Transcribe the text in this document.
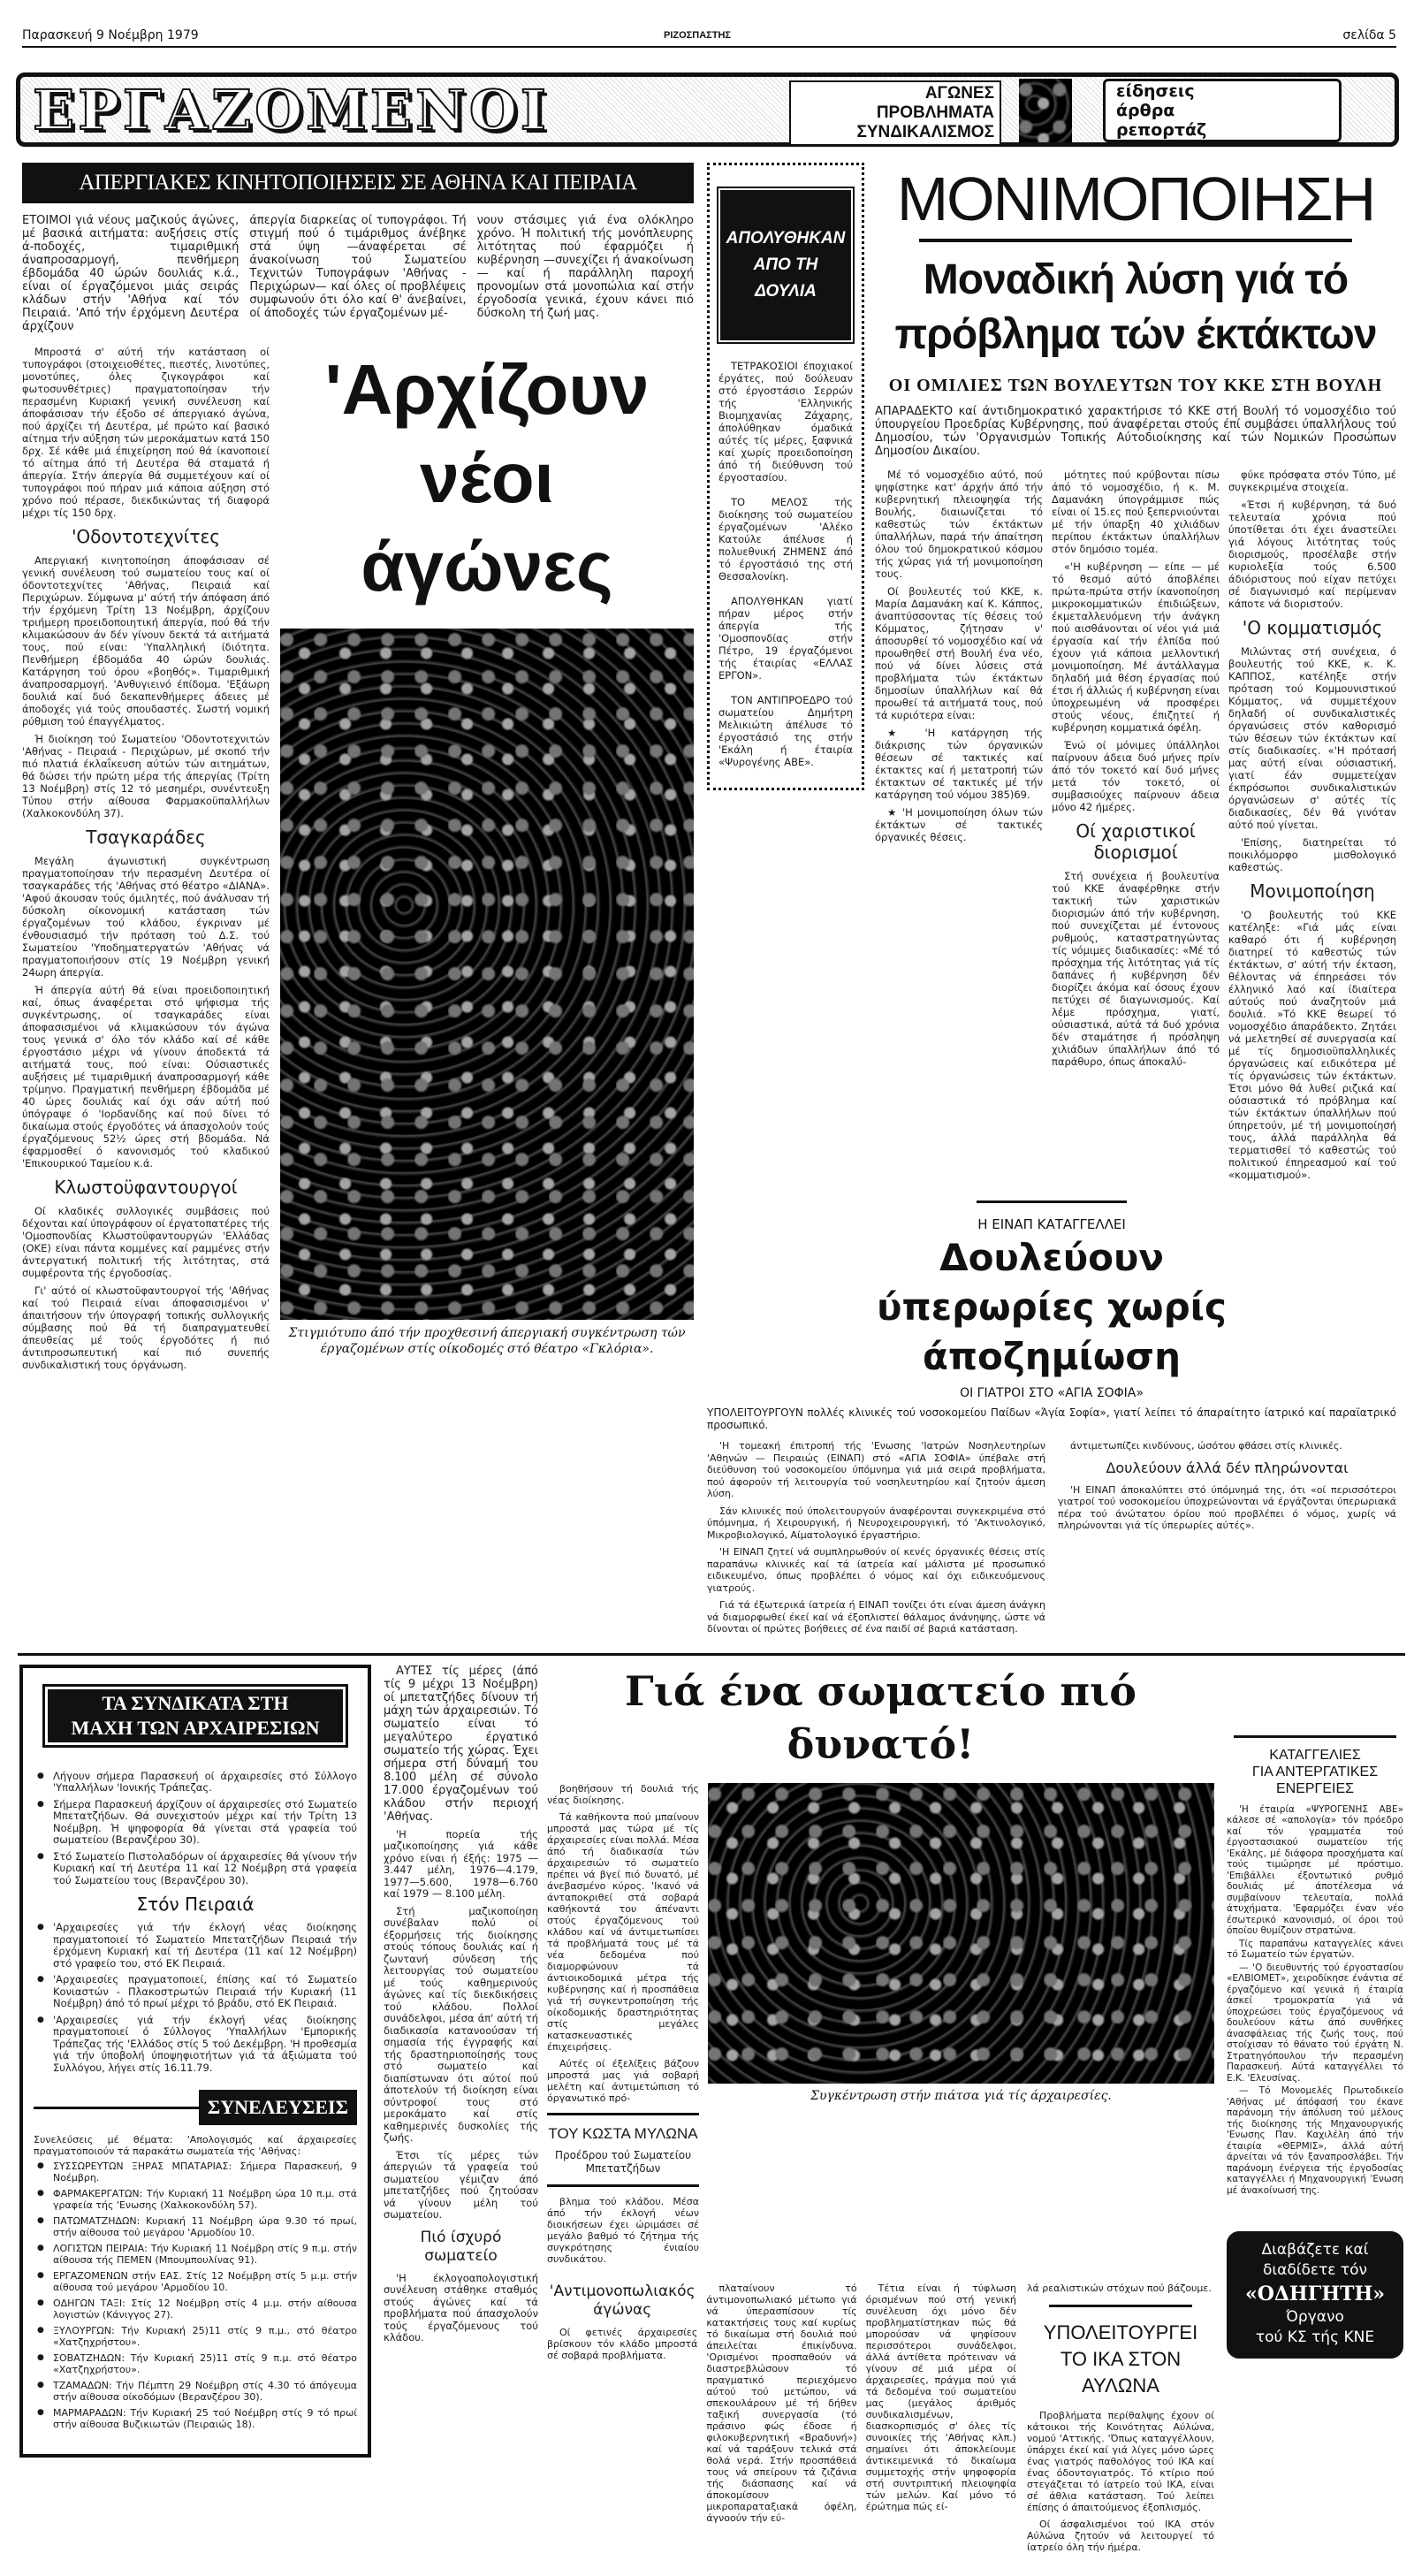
Παρασκευή 9 Νοέμβρη 1979	ΡΙΖΟΣΠΑΣΤΗΣ	σελίδα 5
ΕΡΓΑΖΟΜΕΝΟΙ	ΑΓΩΝΕΣ
ΠΡΟΒΛΗΜΑΤΑ
ΣΥΝΔΙΚΑΛΙΣΜΟΣ
είδησεις
άρθρα
ρεπορτάζ
ΑΠΕΡΓΙΑΚΕΣ ΚΙΝΗΤΟΠΟΙΗΣΕΙΣ ΣΕ ΑΘΗΝΑ ΚΑΙ ΠΕΙΡΑΙΑ
ΕΤΟΙΜΟΙ γιά νέους μαζικούς άγώνες, μέ βασικά αιτήματα: αυξήσεις στίς ά-ποδοχές, τιμαριθμική άναπροσαρμογή, πενθήμερη έβδομάδα 40 ώρών δουλιάς κ.ά., είναι οί έργαζόμενοι μιάς σειράς κλάδων στήν 'Αθήνα καί τόν Πειραιά. 'Από τήν έρχόμενη Δευτέρα άρχίζουν
άπεργία διαρκείας οί τυπογράφοι. Τή στιγμή πού ό τιμάριθμος άνέβηκε στά ύψη —άναφέρεται σέ άνακοίνωση τού Σωματείου Τεχνιτών Τυπογράφων 'Αθήνας - Περιχώρων— καί όλες οί προβλέψεις συμφωνούν ότι όλο καί θ' άνεβαίνει, οί άποδοχές τών έργαζομένων μέ-
νουν στάσιμες γιά ένα ολόκληρο χρόνο. Ή πολιτική τής μονόπλευρης λιτότητας πού έφαρμόζει ή κυβέρνηση —συνεχίζει ή άνακοίνωση— καί ή παράλληλη παροχή προνομίων στά μονοπώλια καί στήν έργοδοσία γενικά, έχουν κάνει πιό δύσκολη τή ζωή μας.

Μπροστά σ' αύτή τήν κατάσταση οί τυπογράφοι (στοιχειοθέτες, πιεστές, λινοτύπες, μονοτύπες, όλες ζιγκογράφοι καί φωτοσυνθέτριες) πραγματοποίησαν τήν περασμένη Κυριακή γενική συνέλευση καί άποφάσισαν τήν έξοδο σέ άπεργιακό άγώνα, πού άρχίζει τή Δευτέρα, μέ πρώτο καί βασικό αίτημα τήν αύξηση τών μεροκάματων κατά 150 δρχ. Σέ κάθε μιά έπιχείρηση πού θά ίκανοποιεί τό αίτημα άπό τή Δευτέρα θά σταματά ή άπεργία. Στήν άπεργία θά συμμετέχουν καί οί τυπογράφοι πού πήραν μιά κάποια αύξηση στό χρόνο πού πέρασε, διεκδικώντας τή διαφορά μέχρι τίς 150 δρχ.

'Οδοντοτεχνίτες

Απεργιακή κινητοποίηση άποφάσισαν σέ γενική συνέλευση τού σωματείου τους καί οί όδοντοτεχνίτες 'Αθήνας, Πειραιά καί Περιχώρων. Σύμφωνα μ' αύτή τήν άπόφαση άπό τήν έρχόμενη Τρίτη 13 Νοέμβρη, άρχίζουν τριήμερη προειδοποιητική άπεργία, πού θά τήν κλιμακώσουν άν δέν γίνουν δεκτά τά αιτήματά τους, πού είναι: 'Υπαλληλική ίδιότητα. Πενθήμερη έβδομάδα 40 ώρών δουλιάς. Κατάργηση τού όρου «βοηθός». Τιμαριθμική άναπροσαρμογή. 'Ανθυγιεινό έπίδομα. 'Εξάωρη δουλιά καί δυό δεκαπενθήμερες άδειες μέ άποδοχές γιά τούς σπουδαστές. Σωστή νομική ρύθμιση τού έπαγγέλματος.

Ή διοίκηση τού Σωματείου 'Οδοντοτεχνιτών 'Αθήνας - Πειραιά - Περιχώρων, μέ σκοπό τήν πιό πλατιά έκλαΐκευση αύτών τών αιτημάτων, θά δώσει τήν πρώτη μέρα τής άπεργίας (Τρίτη 13 Νοέμβρη) στίς 12 τό μεσημέρι, συνέντευξη Τύπου στήν αίθουσα Φαρμακοϋπαλλήλων (Χαλκοκονδύλη 37).

Τσαγκαράδες

Μεγάλη άγωνιστική συγκέντρωση πραγματοποίησαν τήν περασμένη Δευτέρα οί τσαγκαράδες τής 'Αθήνας στό θέατρο «ΔΙΑΝΑ». 'Αφού άκουσαν τούς όμιλητές, πού άνάλυσαν τή δύσκολη οίκονομική κατάσταση τών έργαζομένων τού κλάδου, έγκριναν μέ ένθουσιασμό τήν πρόταση τού Δ.Σ. τού Σωματείου 'Υποδηματεργατών 'Αθήνας νά πραγματοποιήσουν στίς 19 Νοέμβρη γενική 24ωρη άπεργία.

Ή άπεργία αύτή θά είναι προειδοποιητική καί, όπως άναφέρεται στό ψήφισμα τής συγκέντρωσης, οί τσαγκαράδες είναι άποφασισμένοι νά κλιμακώσουν τόν άγώνα τους γενικά σ' όλο τόν κλάδο καί σέ κάθε έργοστάσιο μέχρι νά γίνουν άποδεκτά τά αιτήματά τους, πού είναι: Ούσιαστικές αυξήσεις μέ τιμαριθμική άναπροσαρμογή κάθε τρίμηνο. Πραγματική πενθήμερη έβδομάδα μέ 40 ώρες δουλιάς καί όχι σάν αύτή πού ύπόγραψε ό 'Ιορδανίδης καί πού δίνει τό δικαίωμα στούς έργοδότες νά άπασχολούν τούς έργαζόμενους 52½ ώρες στή βδομάδα. Νά έφαρμοσθεί ό κανονισμός τού κλαδικού 'Επικουρικού Ταμείου κ.ά.

Κλωστοϋφαντουργοί

Οί κλαδικές συλλογικές συμβάσεις πού δέχονται καί ύπογράφουν οί έργατοπατέρες τής 'Ομοσπονδίας Κλωστοϋφαντουργών 'Ελλάδας (ΟΚΕ) είναι πάντα κομμένες καί ραμμένες στήν άντεργατική πολιτική τής λιτότητας, στά συμφέροντα τής έργοδοσίας.

Γι' αύτό οί κλωστοϋφαντουργοί τής 'Αθήνας καί τού Πειραιά είναι άποφασισμένοι ν' άπαιτήσουν τήν ύπογραφή τοπικής συλλογικής σύμβασης πού θά τή διαπραγματευθεί άπευθείας μέ τούς έργοδότες ή πιό άντιπροσωπευτική καί πιό συνεπής συνδικαλιστική τους όργάνωση.

'Αρχίζουν
νέοι
άγώνες
Στιγμιότυπο άπό τήν προχθεσινή άπεργιακή συγκέντρωση τών έργαζομένων στίς οίκοδομές στό θέατρο «Γκλόρια».
ΑΠΟΛΥΘΗΚΑΝ
ΑΠΟ ΤΗ
ΔΟΥΛΙΑ

ΤΕΤΡΑΚΟΣΙΟΙ έποχιακοί έργάτες, πού δούλευαν στό έργοστάσιο Σερρών τής 'Ελληνικής Βιομηχανίας Ζάχαρης, άπολύθηκαν όμαδικά αύτές τίς μέρες, ξαφνικά καί χωρίς προειδοποίηση άπό τή διεύθυνση τού έργοστασίου.

ΤΟ ΜΕΛΟΣ τής διοίκησης τού σωματείου έργαζομένων 'Αλέκο Κατούλε άπέλυσε ή πολυεθνική ΖΗΜΕΝΣ άπό τό έργοστάσιό της στή Θεσσαλονίκη.

ΑΠΟΛΥΘΗΚΑΝ γιατί πήραν μέρος στήν άπεργία τής 'Ομοσπονδίας στήν Πέτρο, 19 έργαζόμενοι τής έταιρίας «ΕΛΛΑΣ ΕΡΓΟΝ».

ΤΟΝ ΑΝΤΙΠΡΟΕΔΡΟ τού σωματείου Δημήτρη Μελικιώτη άπέλυσε τό έργοστάσιό της στήν 'Εκάλη ή έταιρία «Ψυρογένης ΑΒΕ».

ΜΟΝΙΜΟΠΟΙΗΣΗ
Μοναδική λύση γιά τό
πρόβλημα τών έκτάκτων
ΟΙ ΟΜΙΛΙΕΣ ΤΩΝ ΒΟΥΛΕΥΤΩΝ ΤΟΥ ΚΚΕ ΣΤΗ ΒΟΥΛΗ
ΑΠΑΡΑΔΕΚΤΟ καί άντιδημοκρατικό χαρακτήρισε τό ΚΚΕ στή Βουλή τό νομοσχέδιο τού ύπουργείου Προεδρίας Κυβέρνησης, πού άναφέρεται στούς έπί συμβάσει ύπαλλήλους τού Δημοσίου, τών 'Οργανισμών Τοπικής Αύτοδιοίκησης καί τών Νομικών Προσώπων Δημοσίου Δικαίου.

Μέ τό νομοσχέδιο αύτό, πού ψηφίστηκε κατ' άρχήν άπό τήν κυβερνητική πλειοψηφία τής Βουλής, διαιωνίζεται τό καθεστώς τών έκτάκτων ύπαλλήλων, παρά τήν άπαίτηση όλου τού δημοκρατικού κόσμου τής χώρας γιά τή μονιμοποίηση τους.

Οί βουλευτές τού ΚΚΕ, κ. Μαρία Δαμανάκη καί Κ. Κάππος, άναπτύσσοντας τίς θέσεις τού Κόμματος, ζήτησαν ν' άποσυρθεί τό νομοσχέδιο καί νά προωθηθεί στή Βουλή ένα νέο, πού νά δίνει λύσεις στά προβλήματα τών έκτάκτων δημοσίων ύπαλλήλων καί θά προωθεί τά αιτήματά τους, πού τά κυριότερα είναι:

★ 'Η κατάργηση τής διάκρισης τών όργανικών θέσεων σέ τακτικές καί έκτακτες καί ή μετατροπή τών έκτακτων σέ τακτικές μέ τήν κατάργηση τού νόμου 385)69.

★ 'Η μονιμοποίηση όλων τών έκτάκτων σέ τακτικές όργανικές θέσεις.

μότητες πού κρύβονται πίσω άπό τό νομοσχέδιο, ή κ. Μ. Δαμανάκη ύπογράμμισε πώς είναι οί 15.ες πού ξεπερνιούνται μέ τήν ύπαρξη 40 χιλιάδων περίπου έκτάκτων ύπαλλήλων στόν δημόσιο τομέα.

«'Η κυβέρνηση — είπε — μέ τό θεσμό αύτό άποβλέπει πρώτα-πρώτα στήν ίκανοποίηση μικροκομματικών έπιδιώξεων, έκμεταλλευόμενη τήν άνάγκη πού αισθάνονται οί νέοι γιά μιά έργασία καί τήν έλπίδα πού έχουν γιά κάποια μελλοντική μονιμοποίηση. Μέ άντάλλαγμα δηλαδή μιά θέση έργασίας πού έτσι ή άλλιώς ή κυβέρνηση είναι ύποχρεωμένη νά προσφέρει στούς νέους, έπιζητεί ή κυβέρνηση κομματικά όφέλη.

Ένώ οί μόνιμες ύπάλληλοι παίρνουν άδεια δυό μήνες πρίν άπό τόν τοκετό καί δυό μήνες μετά τόν τοκετό, οί συμβασιούχες παίρνουν άδεια μόνο 42 ήμέρες.

Οί χαριστικοί διορισμοί

Στή συνέχεια ή βουλευτίνα τού ΚΚΕ άναφέρθηκε στήν τακτική τών χαριστικών διορισμών άπό τήν κυβέρνηση, πού συνεχίζεται μέ έντονους ρυθμούς, καταστρατηγώντας τίς νόμιμες διαδικασίες: «Μέ τό πρόσχημα τής λιτότητας γιά τίς δαπάνες ή κυβέρνηση δέν διορίζει άκόμα καί όσους έχουν πετύχει σέ διαγωνισμούς. Καί λέμε πρόσχημα, γιατί, ούσιαστικά, αύτά τά δυό χρόνια δέν σταμάτησε ή πρόσληψη χιλιάδων ύπαλλήλων άπό τό παράθυρο, όπως άποκαλύ-

φύκε πρόσφατα στόν Τύπο, μέ συγκεκριμένα στοιχεία.

«Έτσι ή κυβέρνηση, τά δυό τελευταία χρόνια πού ύποτίθεται ότι έχει άναστείλει γιά λόγους λιτότητας τούς διορισμούς, προσέλαβε στήν κυριολεξία τούς 6.500 άδιόριστους πού είχαν πετύχει σέ διαγωνισμό καί περίμεναν κάποτε νά διοριστούν.

'Ο κομματισμός

Μιλώντας στή συνέχεια, ό βουλευτής τού ΚΚΕ, κ. Κ. ΚΑΠΠΟΣ, κατέληξε στήν πρόταση τού Κομμουνιστικού Κόμματος, νά συμμετέχουν δηλαδή οί συνδικαλιστικές όργανώσεις στόν καθορισμό τών θέσεων τών έκτάκτων καί στίς διαδικασίες. «'Η πρότασή μας αύτή είναι ούσιαστική, γιατί έάν συμμετείχαν έκπρόσωποι συνδικαλιστικών όργανώσεων σ' αύτές τίς διαδικασίες, δέν θά γινόταν αύτό πού γίνεται.

'Επίσης, διατηρείται τό ποικιλόμορφο μισθολογικό καθεστώς.

Μονιμοποίηση

'Ο βουλευτής τού ΚΚΕ κατέληξε: «Γιά μάς είναι καθαρό ότι ή κυβέρνηση διατηρεί τό καθεστώς τών έκτάκτων, σ' αύτή τήν έκταση, θέλοντας νά έπηρεάσει τόν έλληνικό λαό καί ίδιαίτερα αύτούς πού άναζητούν μιά δουλιά. »Τό ΚΚΕ θεωρεί τό νομοσχέδιο άπαράδεκτο. Ζητάει νά μελετηθεί σέ συνεργασία καί μέ τίς δημοσιοϋπαλληλικές όργανώσεις καί ειδικότερα μέ τίς όργανώσεις τών έκτάκτων. Έτσι μόνο θά λυθεί ριζικά καί ούσιαστικά τό πρόβλημα καί τών έκτάκτων ύπαλλήλων πού ύπηρετούν, μέ τή μονιμοποίησή τους, άλλά παράλληλα θά τερματισθεί τό καθεστώς τού πολιτικού έπηρεασμού καί τού «κομματισμού».

Η ΕΙΝΑΠ ΚΑΤΑΓΓΕΛΛΕΙ
Δουλεύουν
ύπερωρίες χωρίς
άποζημίωση
ΟΙ ΓΙΑΤΡΟΙ ΣΤΟ «ΑΓΙΑ ΣΟΦΙΑ»
ΥΠΟΛΕΙΤΟΥΡΓΟΥΝ πολλές κλινικές τού νοσοκομείου Παίδων «Άγία Σοφία», γιατί λείπει τό άπαραίτητο ίατρικό καί παραϊατρικό προσωπικό.

'Η τομεακή έπιτροπή τής 'Ενωσης 'Ιατρών Νοσηλευτηρίων 'Αθηνών — Πειραιώς (ΕΙΝΑΠ) στό «ΑΓΙΑ ΣΟΦΙΑ» ύπέβαλε στή διεύθυνση τού νοσοκομείου ύπόμνημα γιά μιά σειρά προβλήματα, πού άφορούν τή λειτουργία τού νοσηλευτηρίου καί ζητούν άμεση λύση.

Σάν κλινικές πού ύπολειτουργούν άναφέρονται συγκεκριμένα στό ύπόμνημα, ή Χειρουργική, ή Νευροχειρουργική, τό 'Ακτινολογικό, Μικροβιολογικό, Αίματολογικό έργαστήριο.

'Η ΕΙΝΑΠ ζητεί νά συμπληρωθούν οί κενές όργανικές θέσεις στίς παραπάνω κλινικές καί τά ίατρεία καί μάλιστα μέ προσωπικό ειδικευμένο, όπως προβλέπει ό νόμος καί όχι ειδικευόμενους γιατρούς.

Γιά τά έξωτερικά ίατρεία ή ΕΙΝΑΠ τονίζει ότι είναι άμεση άνάγκη νά διαμορφωθεί έκεί καί νά έξοπλιστεί θάλαμος άνάνηψης, ώστε νά δίνονται οί πρώτες βοήθειες σέ ένα παιδί σέ βαριά κατάσταση.

άντιμετωπίζει κινδύνους, ώσότου φθάσει στίς κλινικές.

Δουλεύουν άλλά δέν πληρώνονται

'Η ΕΙΝΑΠ άποκαλύπτει στό ύπόμνημά της, ότι «οί περισσότεροι γιατροί τού νοσοκομείου ύποχρεώνονται νά έργάζονται ύπερωριακά πέρα τού άνώτατου όρίου πού προβλέπει ό νόμος, χωρίς νά πληρώνονται γιά τίς ύπερωρίες αύτές».

ΤΑ ΣΥΝΔΙΚΑΤΑ ΣΤΗ
ΜΑΧΗ ΤΩΝ ΑΡΧΑΙΡΕΣΙΩΝ
● Λήγουν σήμερα Παρασκευή οί άρχαιρεσίες στό Σύλλογο 'Υπαλλήλων 'Ιονικής Τράπεζας.
● Σήμερα Παρασκευή άρχίζουν οί άρχαιρεσίες στό Σωματείο Μπετατζήδων. Θά συνεχιστούν μέχρι καί τήν Τρίτη 13 Νοέμβρη. Ή ψηφοφορία θά γίνεται στά γραφεία τού σωματείου (Βερανζέρου 30).
● Στό Σωματείο Πιστολαδόρων οί άρχαιρεσίες θά γίνουν τήν Κυριακή καί τή Δευτέρα 11 καί 12 Νοέμβρη στά γραφεία τού Σωματείου τους (Βερανζέρου 30).
Στόν Πειραιά
● 'Αρχαιρεσίες γιά τήν έκλογή νέας διοίκησης πραγματοποιεί τό Σωματείο Μπετατζήδων Πειραιά τήν έρχόμενη Κυριακή καί τή Δευτέρα (11 καί 12 Νοέμβρη) στό γραφείο του, στό ΕΚ Πειραιά.
● 'Αρχαιρεσίες πραγματοποιεί, έπίσης καί τό Σωματείο Κονιαστών - Πλακοστρωτών Πειραιά τήν Κυριακή (11 Νοέμβρη) άπό τό πρωί μέχρι τό βράδυ, στό ΕΚ Πειραιά.
● 'Αρχαιρεσίες γιά τήν έκλογή νέας διοίκησης πραγματοποιεί ό Σύλλογος 'Υπαλλήλων 'Εμπορικής Τράπεζας τής 'Ελλάδος στίς 5 τού Δεκέμβρη. 'Η προθεσμία γιά τήν ύποβολή ύποψηφιοτήτων γιά τά άξιώματα τού Συλλόγου, λήγει στίς 16.11.79.
ΣΥΝΕΛΕΥΣΕΙΣ
Συνελεύσεις μέ θέματα: 'Απολογισμός καί άρχαιρεσίες πραγματοποιούν τά παρακάτω σωματεία τής 'Αθήνας:
● ΣΥΣΣΩΡΕΥΤΩΝ ΞΗΡΑΣ ΜΠΑΤΑΡΙΑΣ: Σήμερα Παρασκευή, 9 Νοέμβρη.
● ΦΑΡΜΑΚΕΡΓΑΤΩΝ: Τήν Κυριακή 11 Νοέμβρη ώρα 10 π.μ. στά γραφεία τής 'Ενωσης (Χαλκοκονδύλη 57).
● ΠΑΤΩΜΑΤΖΗΔΩΝ: Κυριακή 11 Νοέμβρη ώρα 9.30 τό πρωί, στήν αίθουσα τού μεγάρου 'Αρμοδίου 10.
● ΛΟΓΙΣΤΩΝ ΠΕΙΡΑΙΑ: Τήν Κυριακή 11 Νοέμβρη στίς 9 π.μ. στήν αίθουσα τής ΠΕΜΕΝ (Μπουμπουλίνας 91).
● ΕΡΓΑΖΟΜΕΝΩΝ στήν ΕΑΣ. Στίς 12 Νοέμβρη στίς 5 μ.μ. στήν αίθουσα τού μεγάρου 'Αρμοδίου 10.
● ΟΔΗΓΩΝ ΤΑΞΙ: Στίς 12 Νοέμβρη στίς 4 μ.μ. στήν αίθουσα λογιστών (Κάνιγγος 27).
● ΞΥΛΟΥΡΓΩΝ: Τήν Κυριακή 25)11 στίς 9 π.μ., στό θέατρο «Χατζηχρήστου».
● ΣΟΒΑΤΖΗΔΩΝ: Τήν Κυριακή 25)11 στίς 9 π.μ. στό θέατρο «Χατζηχρήστου».
● ΤΖΑΜΑΔΩΝ: Τήν Πέμπτη 29 Νοέμβρη στίς 4.30 τό άπόγευμα στήν αίθουσα οίκοδόμων (Βερανζέρου 30).
● ΜΑΡΜΑΡΑΔΩΝ: Τήν Κυριακή 25 τού Νοέμβρη στίς 9 τό πρωί στήν αίθουσα Βυζικιωτών (Πειραιώς 18).

ΑΥΤΕΣ τίς μέρες (άπό τίς 9 μέχρι 13 Νοέμβρη) οί μπετατζήδες δίνουν τή μάχη τών άρχαιρεσιών. Τό σωματείο είναι τό μεγαλύτερο έργατικό σωματείο τής χώρας. Έχει σήμερα στή δύναμή του 8.100 μέλη σέ σύνολο 17.000 έργαζομένων τού κλάδου στήν περιοχή 'Αθήνας.

'Η πορεία τής μαζικοποίησης γιά κάθε χρόνο είναι ή έξής: 1975 — 3.447 μέλη, 1976—4.179, 1977—5.600, 1978—6.760 καί 1979 — 8.100 μέλη.

Στή μαζικοποίηση συνέβαλαν πολύ οί έξορμήσεις τής διοίκησης στούς τόπους δουλιάς καί ή ζωντανή σύνδεση τής λειτουργίας τού σωματείου μέ τούς καθημερινούς άγώνες καί τίς διεκδικήσεις τού κλάδου. Πολλοί συνάδελφοι, μέσα άπ' αύτή τή διαδικασία κατανοούσαν τή σημασία τής έγγραφής καί τής δραστηριοποίησής τους στό σωματείο καί διαπίστωναν ότι αύτοί πού άποτελούν τή διοίκηση είναι σύντροφοί τους στό μεροκάματο καί στίς καθημερινές δυσκολίες τής ζωής.

Έτσι τίς μέρες τών άπεργιών τά γραφεία τού σωματείου γέμιζαν άπό μπετατζήδες πού ζητούσαν νά γίνουν μέλη τού σωματείου.

Πιό ίσχυρό σωματείο

'Η έκλογοαπολογιστική συνέλευση στάθηκε σταθμός στούς άγώνες καί τά προβλήματα πού άπασχολούν τούς έργαζόμενους τού κλάδου.

Γιά ένα σωματείο πιό δυνατό!

βοηθήσουν τή δουλιά τής νέας διοίκησης.

Τά καθήκοντα πού μπαίνουν μπροστά μας τώρα μέ τίς άρχαιρεσίες είναι πολλά. Μέσα άπό τή διαδικασία τών άρχαιρεσιών τό σωματείο πρέπει νά βγεί πιό δυνατό, μέ άνεβασμένο κύρος. 'Ικανό νά άνταποκριθεί στά σοβαρά καθήκοντά του άπέναντι στούς έργαζόμενους τού κλάδου καί νά άντιμετωπίσει τά προβλήματά τους μέ τά νέα δεδομένα πού διαμορφώνουν τά άντιοικοδομικά μέτρα τής κυβέρνησης καί ή προσπάθεια γιά τή συγκεντροποίηση τής οίκοδομικής δραστηριότητας στίς μεγάλες κατασκευαστικές έπιχειρήσεις.

Αύτές οί έξελίξεις βάζουν μπροστά μας γιά σοβαρή μελέτη καί άντιμετώπιση τό όργανωτικό πρό-

ΤΟΥ ΚΩΣΤΑ ΜΥΛΩΝΑ
Προέδρου τού Σωματείου
Μπετατζήδων

βλημα τού κλάδου. Μέσα άπό τήν έκλογή νέων διοικήσεων έχει ώριμάσει σέ μεγάλο βαθμό τό ζήτημα τής συγκρότησης ένιαίου συνδικάτου.

Συγκέντρωση στήν πιάτσα γιά τίς άρχαιρεσίες.
'Αντιμονοπωλιακός άγώνας

Οί φετινές άρχαιρεσίες βρίσκουν τόν κλάδο μπροστά σέ σοβαρά προβλήματα.

πλαταίνουν τό άντιμονοπωλιακό μέτωπο γιά νά ύπερασπίσουν τίς κατακτήσεις τους καί κυρίως τό δικαίωμα στή δουλιά πού άπειλείται έπικίνδυνα. 'Ορισμένοι προσπαθούν νά διαστρεβλώσουν τό πραγματικό περιεχόμενο αύτού τού μετώπου, νά σπεκουλάρουν μέ τή δήθεν ταξική συνεργασία (τό πράσινο φώς έδοσε ή φιλοκυβερνητική «Βραδυνή») καί νά ταράξουν τελικά στά θολά νερά. Στήν προσπάθειά τους νά σπείρουν τά ζιζάνια τής διάσπασης καί νά άποκομίσουν μικροπαραταξιακά όφέλη, άγνοούν τήν εύ-

Τέτια είναι ή τύφλωση όρισμένων πού στή γενική συνέλευση όχι μόνο δέν προβληματίστηκαν πώς θά μπορούσαν νά ψηφίσουν περισσότεροι συνάδελφοι, άλλά άντίθετα πρότειναν νά γίνουν σέ μιά μέρα οί άρχαιρεσίες, πράγμα πού γιά τά δεδομένα τού σωματείου μας (μεγάλος άριθμός συνδικαλισμένων, διασκορπισμός σ' όλες τίς συνοικίες τής 'Αθήνας κλπ.) σημαίνει ότι άποκλείουμε άντικειμενικά τό δικαίωμα συμμετοχής στήν ψηφοφορία στή συντριπτική πλειοψηφία τών μελών. Καί μόνο τό έρώτημα πώς εί-

λά ρεαλιστικών στόχων πού βάζουμε.
ΥΠΟΛΕΙΤΟΥΡΓΕΙ
ΤΟ ΙΚΑ ΣΤΟΝ ΑΥΛΩΝΑ

Προβλήματα περίθαλψης έχουν οί κάτοικοι τής Κοινότητας Αύλώνα, νομού 'Αττικής. 'Όπως καταγγέλλουν, ύπάρχει έκεί καί γιά λίγες μόνο ώρες ένας γιατρός παθολόγος τού ΙΚΑ καί ένας όδοντογιατρός. Τό κτίριο πού στεγάζεται τό ίατρείο τού ΙΚΑ, είναι σέ άθλια κατάσταση. Τού λείπει έπίσης ό άπαιτούμενος έξοπλισμός.

Οί άσφαλισμένοι τού ΙΚΑ στόν Αύλώνα ζητούν νά λειτουργεί τό ίατρείο όλη τήν ήμέρα.

ΚΑΤΑΓΓΕΛΙΕΣ
ΓΙΑ ΑΝΤΕΡΓΑΤΙΚΕΣ
ΕΝΕΡΓΕΙΕΣ

'Η έταιρία «ΨΥΡΟΓΕΝΗΣ ΑΒΕ» κάλεσε σέ «απολογία» τόν πρόεδρο καί τόν γραμματέα τού έργοστασιακού σωματείου τής 'Εκάλης, μέ διάφορα προσχήματα καί τούς τιμώρησε μέ πρόστιμο. 'Επιβάλλει έξοντωτικό ρυθμό δουλιάς μέ άποτέλεσμα νά συμβαίνουν τελευταία, πολλά άτυχήματα. 'Εφαρμόζει έναν νέο έσωτερικό κανονισμό, οί όροι τού όποίου θυμίζουν στρατώνα.

Τίς παραπάνω καταγγελίες κάνει τό Σωματείο τών έργατών.

— 'Ο διευθυντής τού έργοστασίου «ΕΛΒΙΟΜΕΤ», χειροδίκησε ένάντια σέ έργαζόμενο καί γενικά ή έταιρία άσκεί τρομοκρατία γιά νά ύποχρεώσει τούς έργαζόμενους νά δουλεύουν κάτω άπό συνθήκες άνασφάλειας τής ζωής τους, πού στοίχισαν τό θάνατο τού έργάτη Ν. Στρατηγόπουλου τήν περασμένη Παρασκευή. Αύτά καταγγέλλει τό Ε.Κ. 'Ελευσίνας.

— Τό Μονομελές Πρωτοδικείο 'Αθήνας μέ άπόφασή του έκανε παράνομη τήν άπόλυση τού μέλους τής διοίκησης τής Μηχανουργικής 'Ενωσης Παν. Καχιλέλη άπό τήν έταιρία «ΘΕΡΜΙΣ», άλλά αύτή άρνείται νά τόν ξαναπροσλάβει. Τήν παράνομη ένέργεια τής έργοδοσίας καταγγέλλει ή Μηχανουργική 'Ενωση μέ άνακοίνωσή της.

Διαβάζετε καί
διαδίδετε τόν
«ΟΔΗΓΗΤΗ»
Όργανο
τού ΚΣ τής ΚΝΕ
